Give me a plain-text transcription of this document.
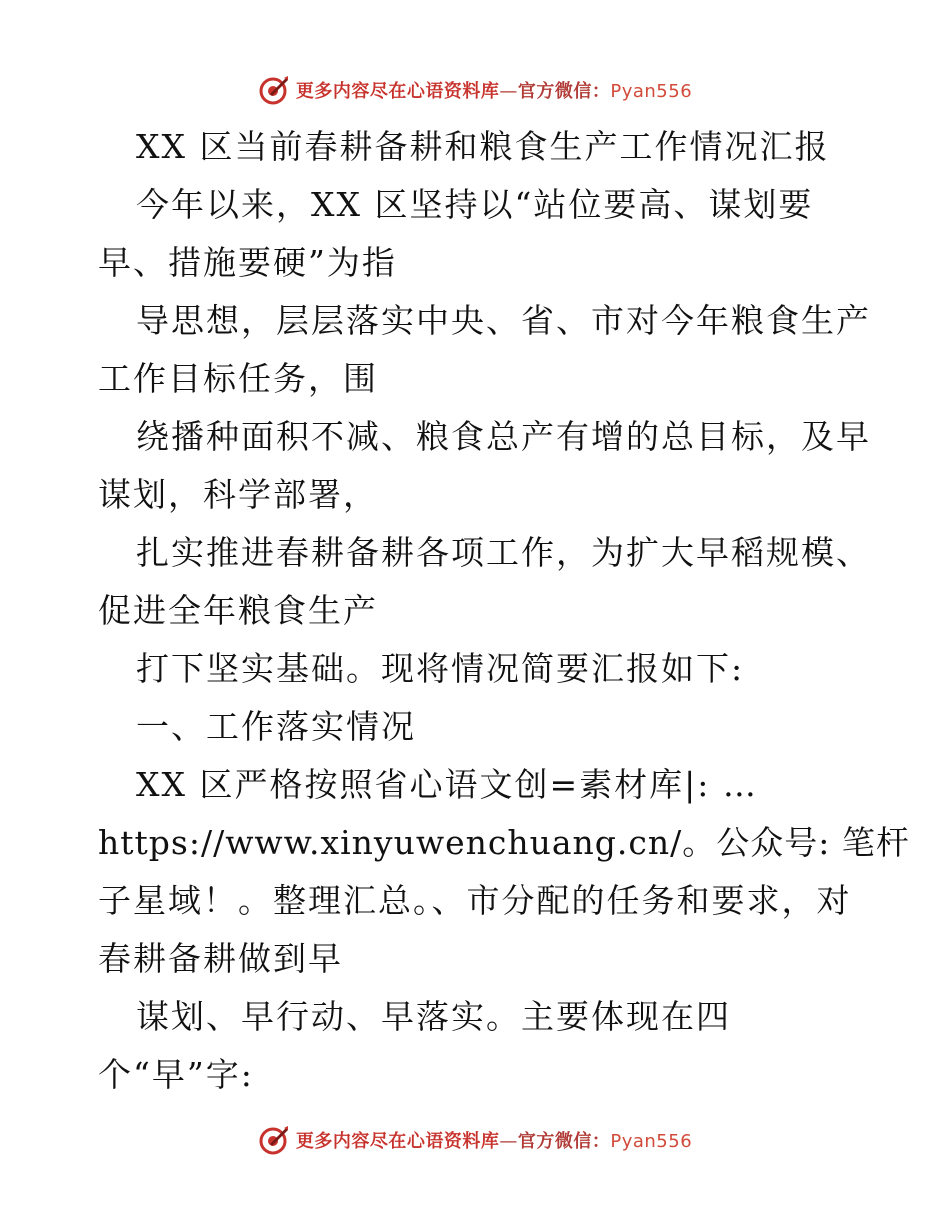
更多内容尽在心语资料库—官方微信：Pyan556
XX 区当前春耕备耕和粮食生产工作情况汇报
今年以来，XX 区坚持以“站位要高、谋划要
早、措施要硬”为指
导思想，层层落实中央、省、市对今年粮食生产
工作目标任务，围
绕播种面积不减、粮食总产有增的总目标，及早
谋划，科学部署，
扎实推进春耕备耕各项工作，为扩大早稻规模、
促进全年粮食生产
打下坚实基础。现将情况简要汇报如下:
一、工作落实情况
XX 区严格按照省心语文创=素材库|: …
https://www.xinyuwenchuang.cn/。公众号: 笔杆
子星域！。整理汇总。、市分配的任务和要求，对
春耕备耕做到早
谋划、早行动、早落实。主要体现在四
个“早”字:
更多内容尽在心语资料库—官方微信：Pyan556
